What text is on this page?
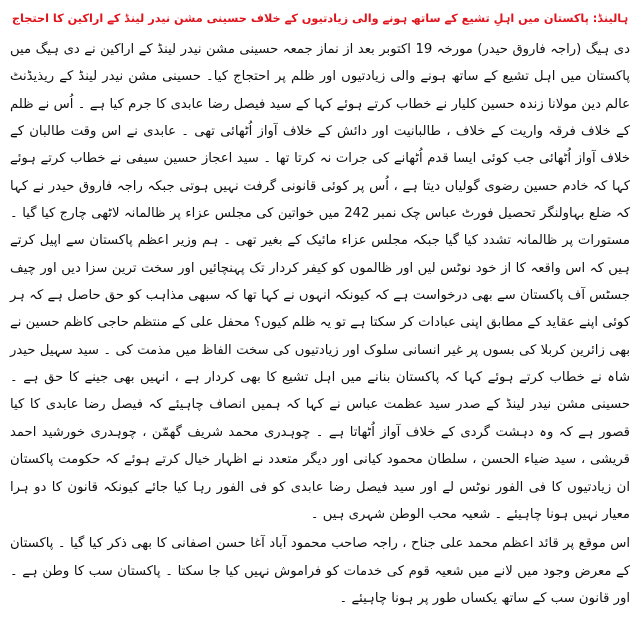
ہالینڈ: پاکستان میں اہلِ تشیع کے ساتھ ہونے والی زیادتیوں کے خلاف حسینی مشن نیدر لینڈ کے اراکین کا احتجاج

دی ہیگ (راجہ فاروق حیدر) مورخہ 19 اکتوبر بعد از نماز جمعہ حسینی مشن نیدر لینڈ کے اراکین نے دی ہیگ میں پاکستان میں اہل تشیع کے ساتھ ہونے والی زیادتیوں اور ظلم پر احتجاج کیا۔ حسینی مشن نیدر لینڈ کے ریذیڈنٹ عالم دین مولانا زندہ حسین کلیار نے خطاب کرتے ہوئے کہا کے سید فیصل رضا عابدی کا جرم کیا ہے ۔ اُس نے ظلم کے خلاف فرقہ واریت کے خلاف ، طالبانیت اور دائش کے خلاف آواز اُٹھائی تھی ۔ عابدی نے اس وقت طالبان کے خلاف آواز اُٹھائی جب کوئی ایسا قدم اُٹھانے کی جرات نہ کرتا تھا ۔ سید اعجاز حسین سیفی نے خطاب کرتے ہوئے کہا کہ خادم حسین رضوی گولیاں دیتا ہے ، اُس پر کوئی قانونی گرفت نہیں ہوتی جبکہ راجہ فاروق حیدر نے کہا کہ ضلع بہاولنگر تحصیل فورٹ عباس چک نمبر 242 میں خواتین کی مجلس عزاء پر ظالمانہ لاٹھی چارج کیا گیا ۔ مستورات پر ظالمانہ تشدد کیا گیا جبکہ مجلس عزاء مائیک کے بغیر تھی ۔ ہم وزیر اعظم پاکستان سے اپیل کرتے ہیں کہ اس واقعہ کا از خود نوٹس لیں اور ظالموں کو کیفر کردار تک پہنچائیں اور سخت ترین سزا دیں اور چیف جسٹس آف پاکستان سے بھی درخواست ہے کہ کیونکہ انہوں نے کہا تھا کہ سبھی مذاہب کو حق حاصل ہے کہ ہر کوئی اپنے عقاید کے مطابق اپنی عبادات کر سکتا ہے تو یہ ظلم کیوں؟ محفل علی کے منتظم حاجی کاظم حسین نے بھی زائرین کربلا کی بسوں پر غیر انسانی سلوک اور زیادتیوں کی سخت الفاظ میں مذمت کی ۔ سید سہیل حیدر شاہ نے خطاب کرتے ہوئے کہا کہ پاکستان بنانے میں اہل تشیع کا بھی کردار ہے ، انہیں بھی جینے کا حق ہے ۔ حسینی مشن نیدر لینڈ کے صدر سید عظمت عباس نے کہا کہ ہمیں انصاف چاہیئے کہ فیصل رضا عابدی کا کیا قصور ہے کہ وہ دہشت گردی کے خلاف آواز اُٹھاتا ہے ۔ چوہدری محمد شریف گھمّن ، چوہدری خورشید احمد قریشی ، سید ضیاء الحسن ، سلطان محمود کیانی اور دیگر متعدد نے اظہار خیال کرتے ہوئے کہ حکومت پاکستان ان زیادتیوں کا فی الفور نوٹس لے اور سید فیصل رضا عابدی کو فی الفور رہا کیا جائے کیونکہ قانون کا دو ہرا معیار نہیں ہونا چاہیئے ۔ شعیہ محب الوطن شہری ہیں ۔

اس موقع پر قائد اعظم محمد علی جناح ، راجہ صاحب محمود آباد آغا حسن اصفانی کا بھی ذکر کیا گیا ۔ پاکستان کے معرض وجود میں لانے میں شعیہ قوم کی خدمات کو فراموش نہیں کیا جا سکتا ۔ پاکستان سب کا وطن ہے ۔ اور قانون سب کے ساتھ یکساں طور پر ہونا چاہیئے ۔
